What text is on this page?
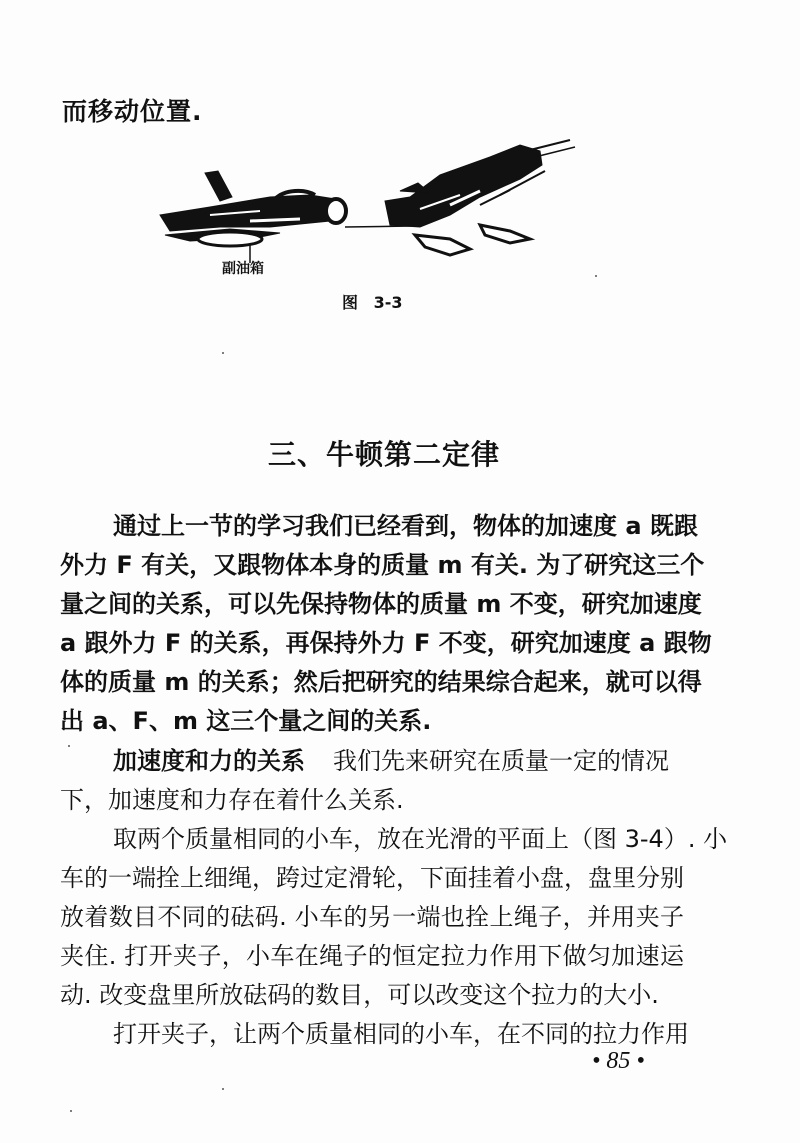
而移动位置.
副油箱
图 3-3
三、牛顿第二定律
通过上一节的学习我们已经看到，物体的加速度 a 既跟
外力 F 有关，又跟物体本身的质量 m 有关. 为了研究这三个
量之间的关系，可以先保持物体的质量 m 不变，研究加速度
a 跟外力 F 的关系，再保持外力 F 不变，研究加速度 a 跟物
体的质量 m 的关系；然后把研究的结果综合起来，就可以得
出 a、F、m 这三个量之间的关系.
加速度和力的关系 我们先来研究在质量一定的情况
下，加速度和力存在着什么关系.
取两个质量相同的小车，放在光滑的平面上（图 3-4）. 小
车的一端拴上细绳，跨过定滑轮，下面挂着小盘，盘里分别
放着数目不同的砝码. 小车的另一端也拴上绳子，并用夹子
夹住. 打开夹子，小车在绳子的恒定拉力作用下做匀加速运
动. 改变盘里所放砝码的数目，可以改变这个拉力的大小.
打开夹子，让两个质量相同的小车，在不同的拉力作用
• 85 •
